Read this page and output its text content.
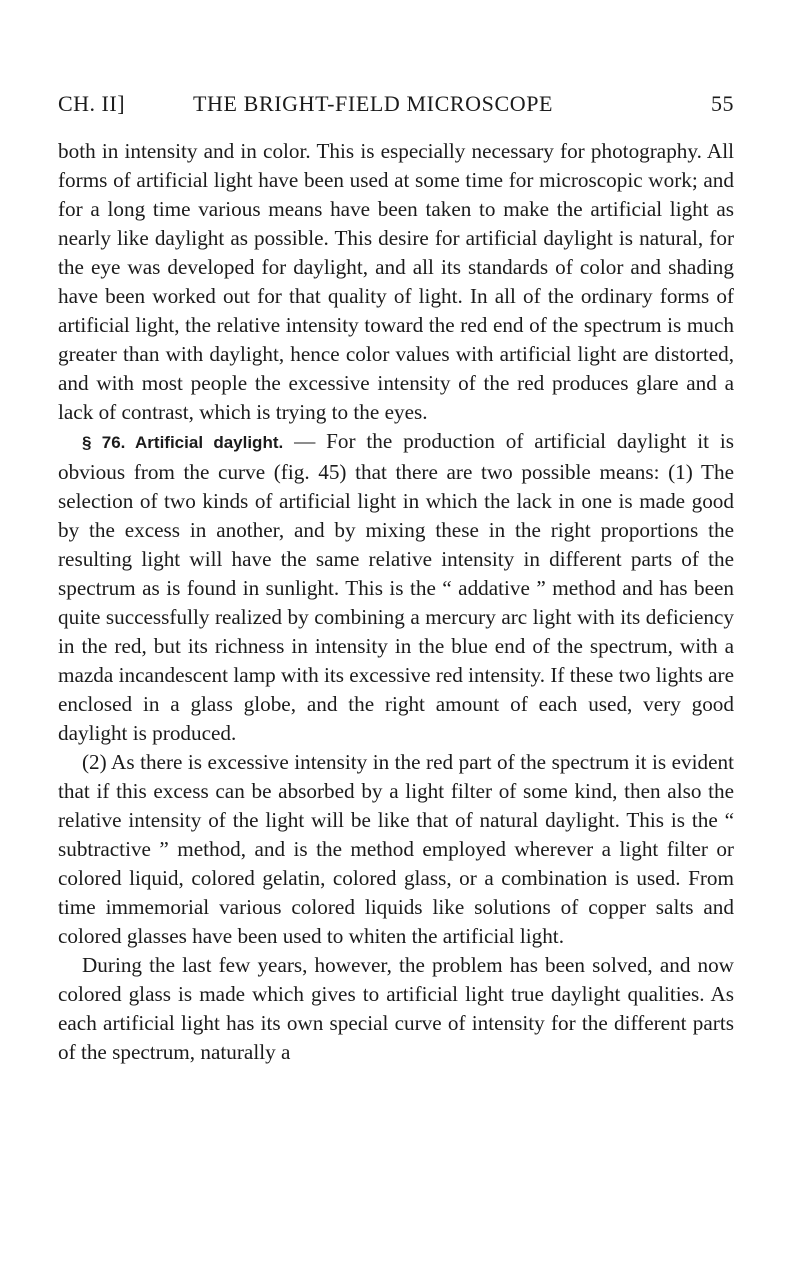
CH. II]	THE BRIGHT-FIELD MICROSCOPE	55

both in intensity and in color. This is especially necessary for photography. All forms of artificial light have been used at some time for microscopic work; and for a long time various means have been taken to make the artificial light as nearly like daylight as possible. This desire for artificial daylight is natural, for the eye was developed for daylight, and all its standards of color and shading have been worked out for that quality of light. In all of the ordinary forms of artificial light, the relative intensity toward the red end of the spectrum is much greater than with daylight, hence color values with artificial light are distorted, and with most people the excessive intensity of the red produces glare and a lack of contrast, which is trying to the eyes.

§ 76. Artificial daylight. — For the production of artificial daylight it is obvious from the curve (fig. 45) that there are two possible means: (1) The selection of two kinds of artificial light in which the lack in one is made good by the excess in another, and by mixing these in the right proportions the resulting light will have the same relative intensity in different parts of the spectrum as is found in sunlight. This is the “ addative ” method and has been quite successfully realized by combining a mercury arc light with its deficiency in the red, but its richness in intensity in the blue end of the spectrum, with a mazda incandescent lamp with its excessive red intensity. If these two lights are enclosed in a glass globe, and the right amount of each used, very good daylight is produced.

(2) As there is excessive intensity in the red part of the spectrum it is evident that if this excess can be absorbed by a light filter of some kind, then also the relative intensity of the light will be like that of natural daylight. This is the “ subtractive ” method, and is the method employed wherever a light filter or colored liquid, colored gelatin, colored glass, or a combination is used. From time immemorial various colored liquids like solutions of copper salts and colored glasses have been used to whiten the artificial light.

During the last few years, however, the problem has been solved, and now colored glass is made which gives to artificial light true daylight qualities. As each artificial light has its own special curve of intensity for the different parts of the spectrum, naturally a
